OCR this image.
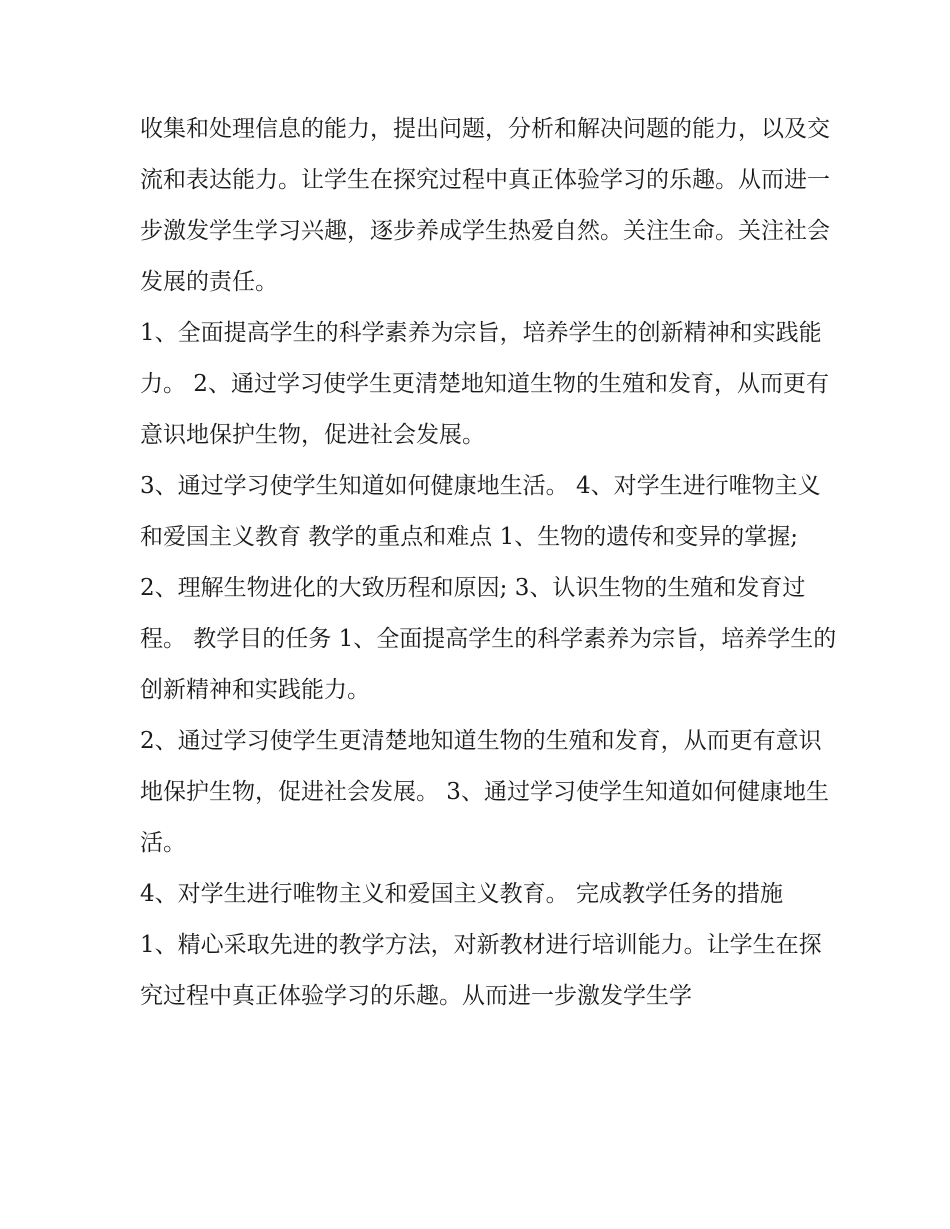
收集和处理信息的能力，提出问题，分析和解决问题的能力，以及交流和表达能力。让学生在探究过程中真正体验学习的乐趣。从而进一步激发学生学习兴趣，逐步养成学生热爱自然。关注生命。关注社会发展的责任。

1、全面提高学生的科学素养为宗旨，培养学生的创新精神和实践能力。 2、通过学习使学生更清楚地知道生物的生殖和发育，从而更有意识地保护生物，促进社会发展。

3、通过学习使学生知道如何健康地生活。 4、对学生进行唯物主义和爱国主义教育 教学的重点和难点 1、生物的遗传和变异的掌握;

2、理解生物进化的大致历程和原因; 3、认识生物的生殖和发育过程。 教学目的任务 1、全面提高学生的科学素养为宗旨，培养学生的创新精神和实践能力。

2、通过学习使学生更清楚地知道生物的生殖和发育，从而更有意识地保护生物，促进社会发展。 3、通过学习使学生知道如何健康地生活。

4、对学生进行唯物主义和爱国主义教育。 完成教学任务的措施

1、精心采取先进的教学方法，对新教材进行培训能力。让学生在探究过程中真正体验学习的乐趣。从而进一步激发学生学
